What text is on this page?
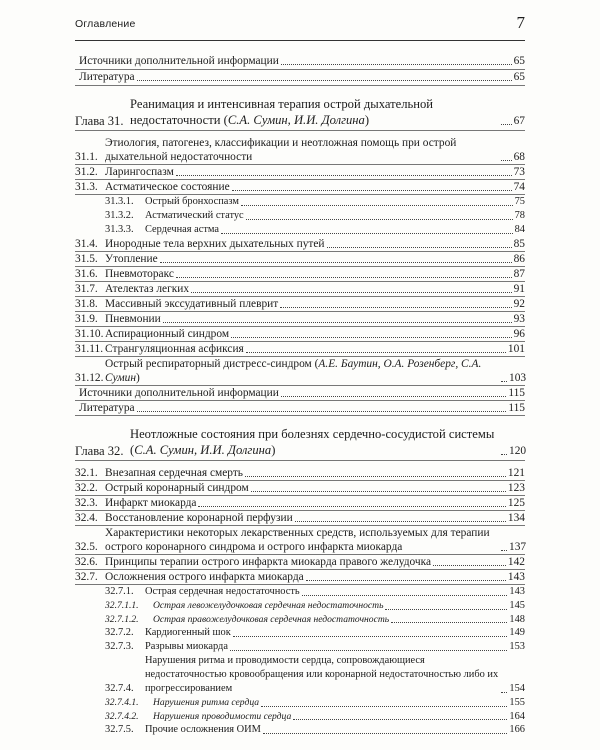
Оглавление	7
Источники дополнительной информации	65
Литература	65
Глава 31.
Реанимация и интенсивная терапия острой дыхательной недостаточности (С.А. Сумин, И.И. Долгина)	67
31.1.
Этиология, патогенез, классификации и неотложная помощь при острой дыхательной недостаточности	68
31.2. Ларингоспазм	73
31.3. Астматическое состояние	74
31.3.1.	Острый бронхоспазм	75
31.3.2.	Астматический статус	78
31.3.3.	Сердечная астма	84
31.4. Инородные тела верхних дыхательных путей	85
31.5. Утопление	86
31.6. Пневмоторакс	87
31.7. Ателектаз легких	91
31.8. Массивный экссудативный плеврит	92
31.9. Пневмонии	93
31.10. Аспирационный синдром	96
31.11. Странгуляционная асфиксия	101
31.12.
Острый респираторный дистресс-синдром (А.Е. Баутин, О.А. Розенберг, С.А. Сумин)	103
Источники дополнительной информации	115
Литература	115
Глава 32.
Неотложные состояния при болезнях сердечно-сосудистой системы (С.А. Сумин, И.И. Долгина)	120
32.1. Внезапная сердечная смерть	121
32.2. Острый коронарный синдром	123
32.3. Инфаркт миокарда	125
32.4. Восстановление коронарной перфузии	134
32.5.
Характеристики некоторых лекарственных средств, используемых для терапии острого коронарного синдрома и острого инфаркта миокарда	137
32.6. Принципы терапии острого инфаркта миокарда правого желудочка	142
32.7. Осложнения острого инфаркта миокарда	143
32.7.1.	Острая сердечная недостаточность	143
32.7.1.1.	Острая левожелудочковая сердечная недостаточность	145
32.7.1.2.	Острая правожелудочковая сердечная недостаточность	148
32.7.2.	Кардиогенный шок	149
32.7.3.	Разрывы миокарда	153
32.7.4.
Нарушения ритма и проводимости сердца, сопровождающиеся недостаточностью кровообращения или коронарной недостаточностью либо их прогрессированием	154
32.7.4.1.	Нарушения ритма сердца	155
32.7.4.2.	Нарушения проводимости сердца	164
32.7.5.	Прочие осложнения ОИМ	166
